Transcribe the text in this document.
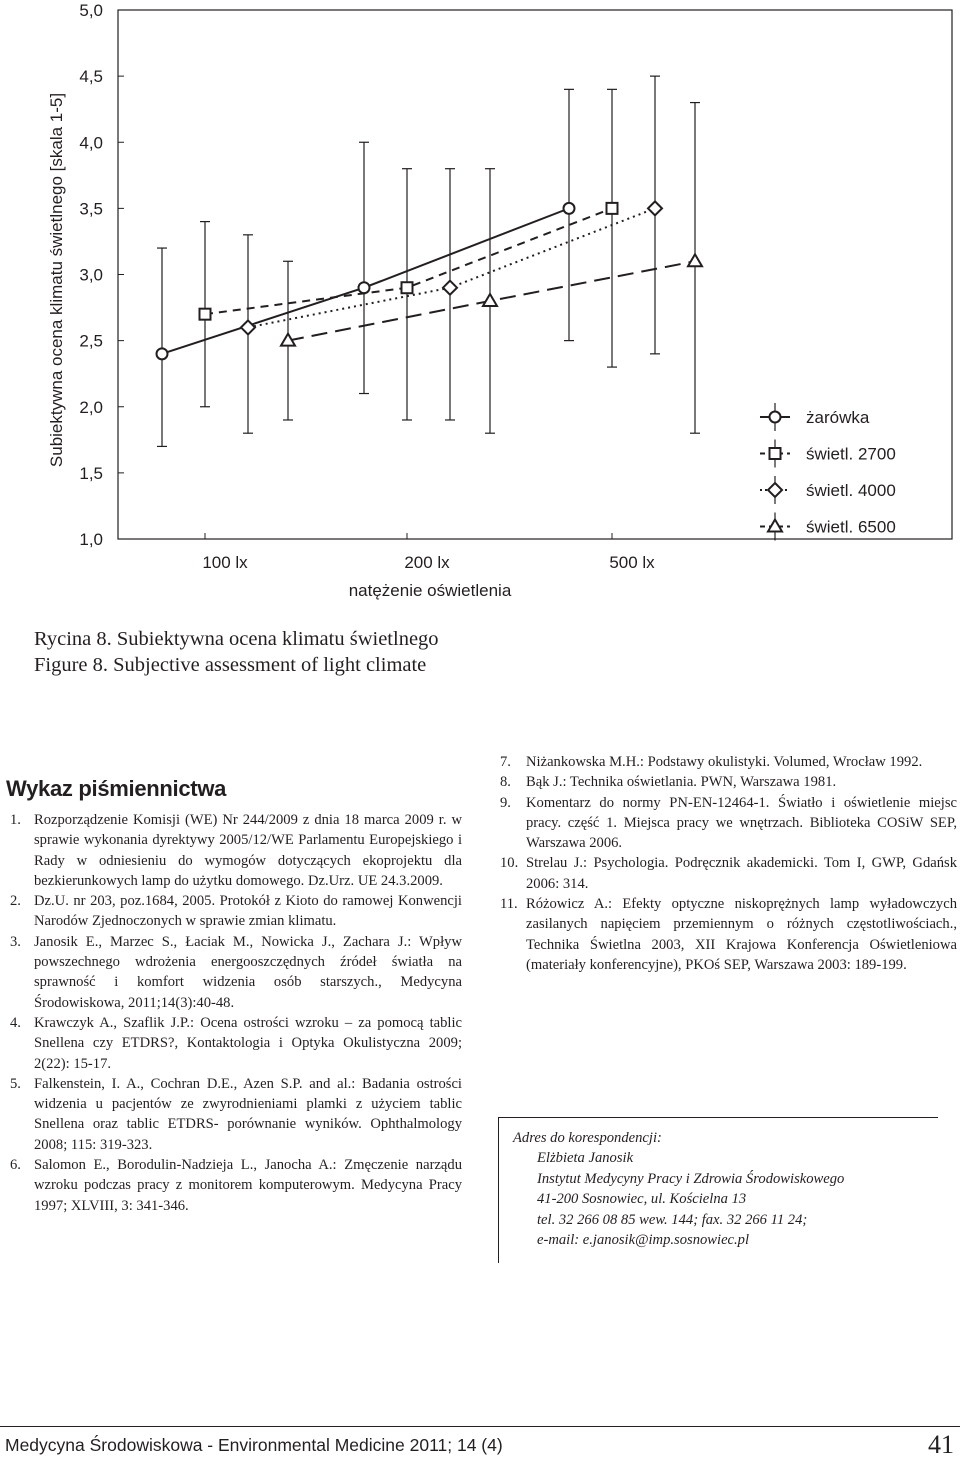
1,0
1,5
2,0
2,5
3,0
3,5
4,0
4,5
5,0
100 lx	200 lx	500 lx
Subiektywna ocena klimatu świetlnego [skala 1-5]
natężenie oświetlenia
żarówka
świetl. 2700
świetl. 4000
świetl. 6500
Rycina 8. Subiektywna ocena klimatu świetlnego
Figure 8. Subjective assessment of light climate
Wykaz piśmiennictwa
1. Rozporządzenie Komisji (WE) Nr 244/2009 z dnia 18 marca 2009 r. w sprawie wykonania dyrektywy 2005/12/WE Parlamentu Europejskiego i Rady w odniesieniu do wymogów dotyczących ekoprojektu dla bezkierunkowych lamp do użytku domowego. Dz.Urz. UE 24.3.2009.
2. Dz.U. nr 203, poz.1684, 2005. Protokół z Kioto do ramowej Konwencji Narodów Zjednoczonych w sprawie zmian klimatu.
3. Janosik E., Marzec S., Łaciak M., Nowicka J., Zachara J.: Wpływ powszechnego wdrożenia energooszczędnych źródeł światła na sprawność i komfort widzenia osób starszych., Medycyna Środowiskowa, 2011;14(3):40-48.
4. Krawczyk A., Szaflik J.P.: Ocena ostrości wzroku – za pomocą tablic Snellena czy ETDRS?, Kontaktologia i Optyka Okulistyczna 2009; 2(22): 15-17.
5. Falkenstein, I. A., Cochran D.E., Azen S.P. and al.: Badania ostrości widzenia u pacjentów ze zwyrodnieniami plamki z użyciem tablic Snellena oraz tablic ETDRS- porównanie wyników. Ophthalmology 2008; 115: 319-323.
6. Salomon E., Borodulin-Nadzieja L., Janocha A.: Zmęczenie narządu wzroku podczas pracy z monitorem komputerowym. Medycyna Pracy 1997; XLVIII, 3: 341-346.
7. Niżankowska M.H.: Podstawy okulistyki. Volumed, Wrocław 1992.
8. Bąk J.: Technika oświetlania. PWN, Warszawa 1981.
9. Komentarz do normy PN-EN-12464-1. Światło i oświetlenie miejsc pracy. część 1. Miejsca pracy we wnętrzach. Biblioteka COSiW SEP, Warszawa 2006.
10. Strelau J.: Psychologia. Podręcznik akademicki. Tom I, GWP, Gdańsk 2006: 314.
11. Różowicz A.: Efekty optyczne niskoprężnych lamp wyładowczych zasilanych napięciem przemiennym o różnych częstotliwościach., Technika Świetlna 2003, XII Krajowa Konferencja Oświetleniowa (materiały konferencyjne), PKOś SEP, Warszawa 2003: 189-199.
Adres do korespondencji:
Elżbieta Janosik
Instytut Medycyny Pracy i Zdrowia Środowiskowego
41-200 Sosnowiec, ul. Kościelna 13
tel. 32 266 08 85 wew. 144; fax. 32 266 11 24;
e-mail: e.janosik@imp.sosnowiec.pl
Medycyna Środowiskowa - Environmental Medicine 2011; 14 (4)	41
